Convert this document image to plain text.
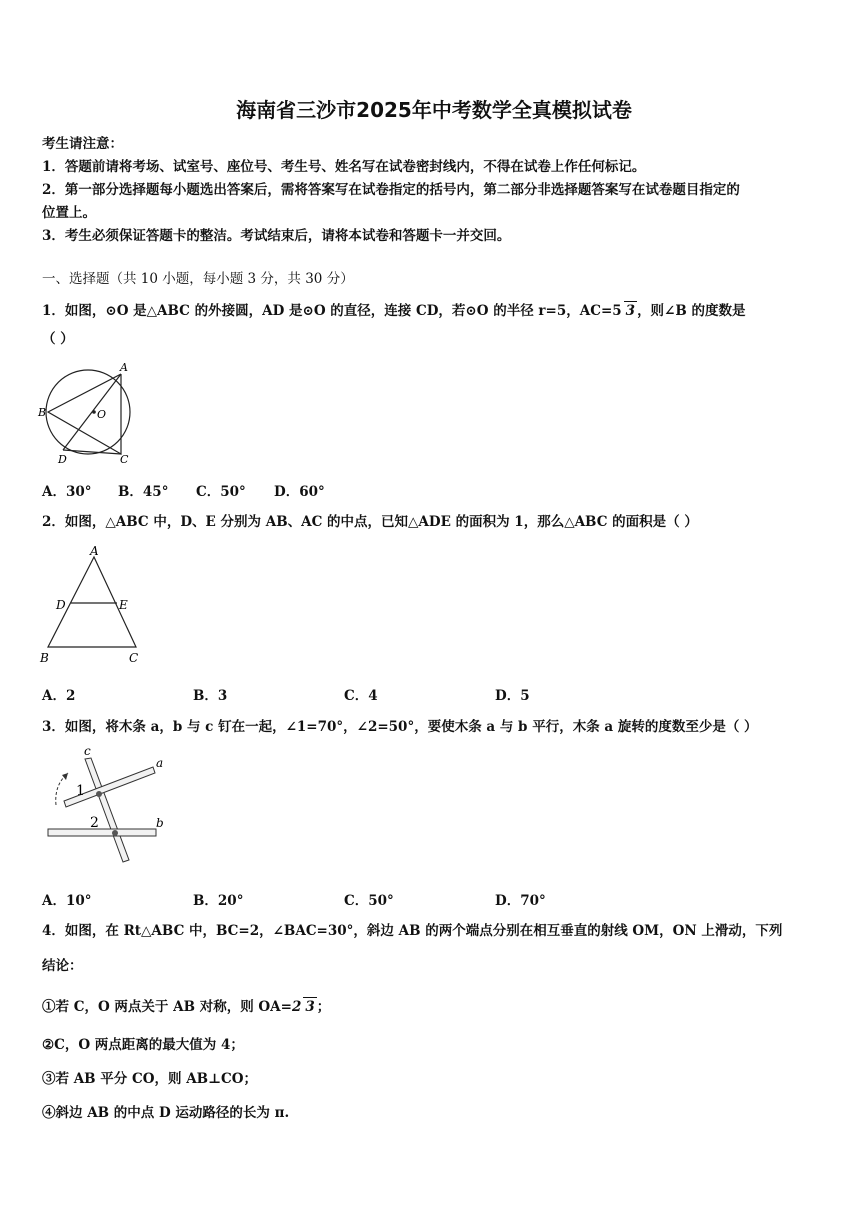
海南省三沙市2025年中考数学全真模拟试卷
考生请注意：
1．答题前请将考场、试室号、座位号、考生号、姓名写在试卷密封线内，不得在试卷上作任何标记。
2．第一部分选择题每小题选出答案后，需将答案写在试卷指定的括号内，第二部分非选择题答案写在试卷题目指定的
位置上。
3．考生必须保证答题卡的整洁。考试结束后，请将本试卷和答题卡一并交回。
一、选择题（共 10 小题，每小题 3 分，共 30 分）
1．如图，⊙O 是△ABC 的外接圆，AD 是⊙O 的直径，连接 CD，若⊙O 的半径 r=5，AC=5 3 ，则∠B 的度数是
（ ）
A
B	O
D	C
A．30° B．45° C．50° D．60°
2．如图，△ABC 中，D、E 分别为 AB、AC 的中点，已知△ADE 的面积为 1，那么△ABC 的面积是（ ）
A
D	E
B	C
A．2	B．3	C．4	D．5
3．如图，将木条 a，b 与 c 钉在一起，∠1=70°，∠2=50°，要使木条 a 与 b 平行，木条 a 旋转的度数至少是（ ）
c
a
1
2	b
A．10°	B．20°	C．50°	D．70°
4．如图，在 Rt△ABC 中，BC=2，∠BAC=30°，斜边 AB 的两个端点分别在相互垂直的射线 OM，ON 上滑动，下列
结论：
①若 C，O 两点关于 AB 对称，则 OA=2 3 ；
②C，O 两点距离的最大值为 4；
③若 AB 平分 CO，则 AB⊥CO；
④斜边 AB 的中点 D 运动路径的长为 π.
